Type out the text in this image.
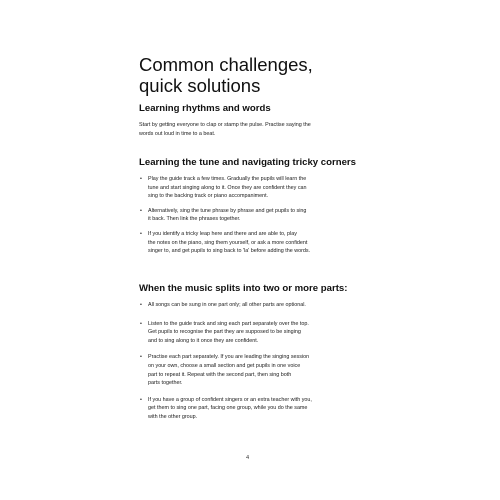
Common challenges,
quick solutions
Learning rhythms and words

Start by getting everyone to clap or stamp the pulse. Practise saying the
words out loud in time to a beat.

Learning the tune and navigating tricky corners
• Play the guide track a few times. Gradually the pupils will learn the
tune and start singing along to it. Once they are confident they can
sing to the backing track or piano accompaniment.
• Alternatively, sing the tune phrase by phrase and get pupils to sing
it back. Then link the phrases together.
• If you identify a tricky leap here and there and are able to, play
the notes on the piano, sing them yourself, or ask a more confident
singer to, and get pupils to sing back to 'la' before adding the words.
When the music splits into two or more parts:
• All songs can be sung in one part only; all other parts are optional.
• Listen to the guide track and sing each part separately over the top.
Get pupils to recognise the part they are supposed to be singing
and to sing along to it once they are confident.
• Practise each part separately. If you are leading the singing session
on your own, choose a small section and get pupils in one voice
part to repeat it. Repeat with the second part, then sing both
parts together.
• If you have a group of confident singers or an extra teacher with you,
get them to sing one part, facing one group, while you do the same
with the other group.
4
